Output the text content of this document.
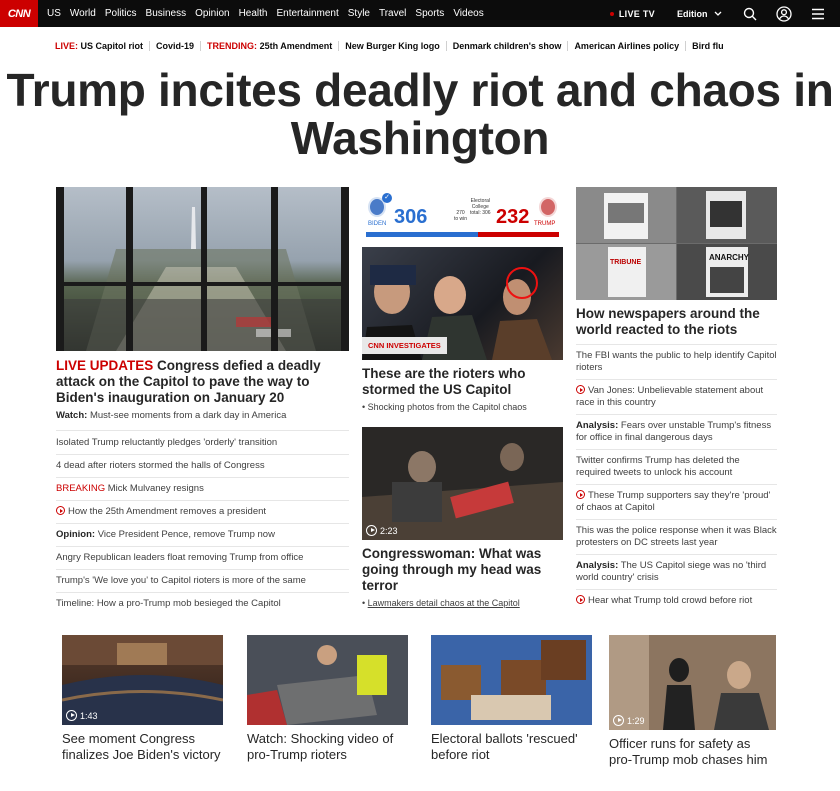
CNN	US World Politics Business Opinion Health Entertainment Style Travel Sports Videos	LIVE TV Edition
LIVE: US Capitol riot	Covid-19	TRENDING: 25th Amendment	New Burger King logo	Denmark children's show	American Airlines policy	Bird flu
Trump incites deadly riot and chaos in Washington
LIVE UPDATES Congress defied a deadly attack on the Capitol to pave the way to Biden's inauguration on January 20
Watch: Must-see moments from a dark day in America
Isolated Trump reluctantly pledges 'orderly' transition
4 dead after rioters stormed the halls of Congress
BREAKING Mick Mulvaney resigns
How the 25th Amendment removes a president
Opinion: Vice President Pence, remove Trump now
Angry Republican leaders float removing Trump from office
Trump's 'We love you' to Capitol rioters is more of the same
Timeline: How a pro-Trump mob besieged the Capitol
✓
306
BIDEN
270
to win
Electoral
College
total: 306 232 TRUMP
CNN INVESTIGATES
These are the rioters who stormed the US Capitol
• Shocking photos from the Capitol chaos
2:23
Congresswoman: What was going through my head was terror
• Lawmakers detail chaos at the Capitol
TRIBUNE
ANARCHY
How newspapers around the world reacted to the riots
The FBI wants the public to help identify Capitol rioters
Van Jones: Unbelievable statement about race in this country
Analysis: Fears over unstable Trump's fitness for office in final dangerous days
Twitter confirms Trump has deleted the required tweets to unlock his account
These Trump supporters say they're 'proud' of chaos at Capitol
This was the police response when it was Black protesters on DC streets last year
Analysis: The US Capitol siege was no 'third world country' crisis
Hear what Trump told crowd before riot
1:43
See moment Congress finalizes Joe Biden's victory
Watch: Shocking video of pro-Trump rioters
Electoral ballots 'rescued' before riot
1:29
Officer runs for safety as pro-Trump mob chases him
